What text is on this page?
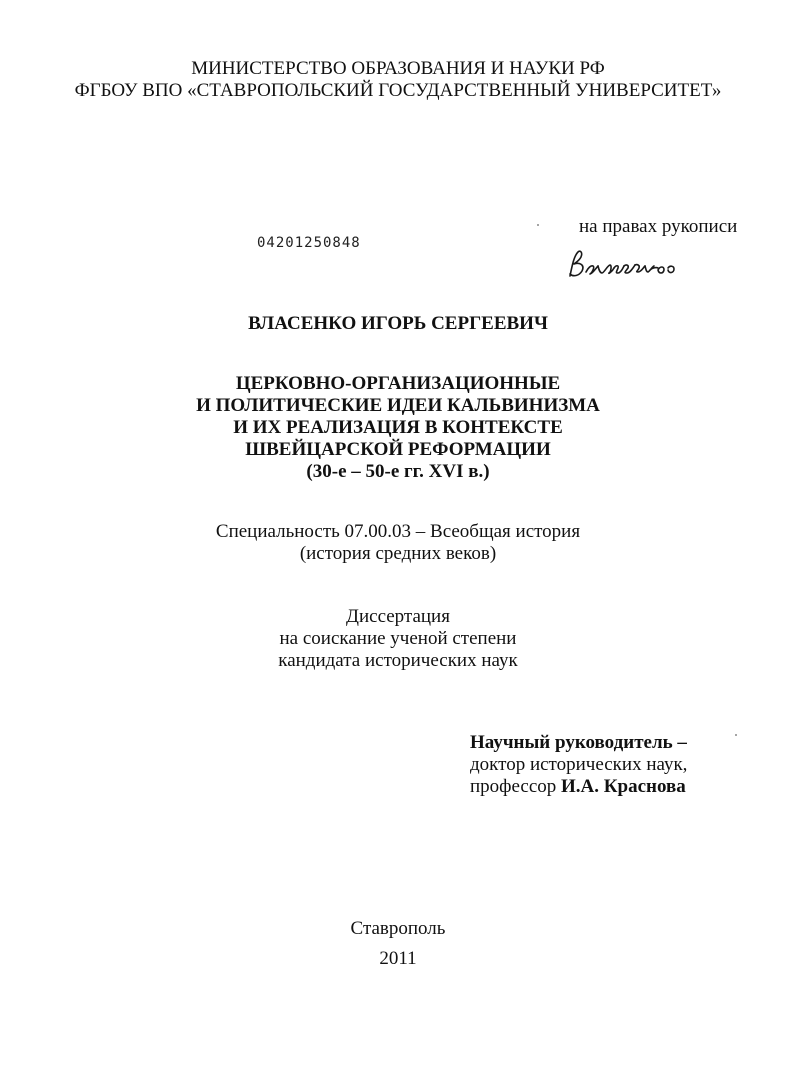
МИНИСТЕРСТВО ОБРАЗОВАНИЯ И НАУКИ РФ
ФГБОУ ВПО «СТАВРОПОЛЬСКИЙ ГОСУДАРСТВЕННЫЙ УНИВЕРСИТЕТ»
04201250848
на правах рукописи
ВЛАСЕНКО ИГОРЬ СЕРГЕЕВИЧ
ЦЕРКОВНО-ОРГАНИЗАЦИОННЫЕ
И ПОЛИТИЧЕСКИЕ ИДЕИ КАЛЬВИНИЗМА
И ИХ РЕАЛИЗАЦИЯ В КОНТЕКСТЕ
ШВЕЙЦАРСКОЙ РЕФОРМАЦИИ
(30-е – 50-е гг. XVI в.)
Специальность 07.00.03 – Всеобщая история
(история средних веков)
Диссертация
на соискание ученой степени
кандидата исторических наук
Научный руководитель –
доктор исторических наук,
профессор И.А. Краснова
Ставрополь
2011
